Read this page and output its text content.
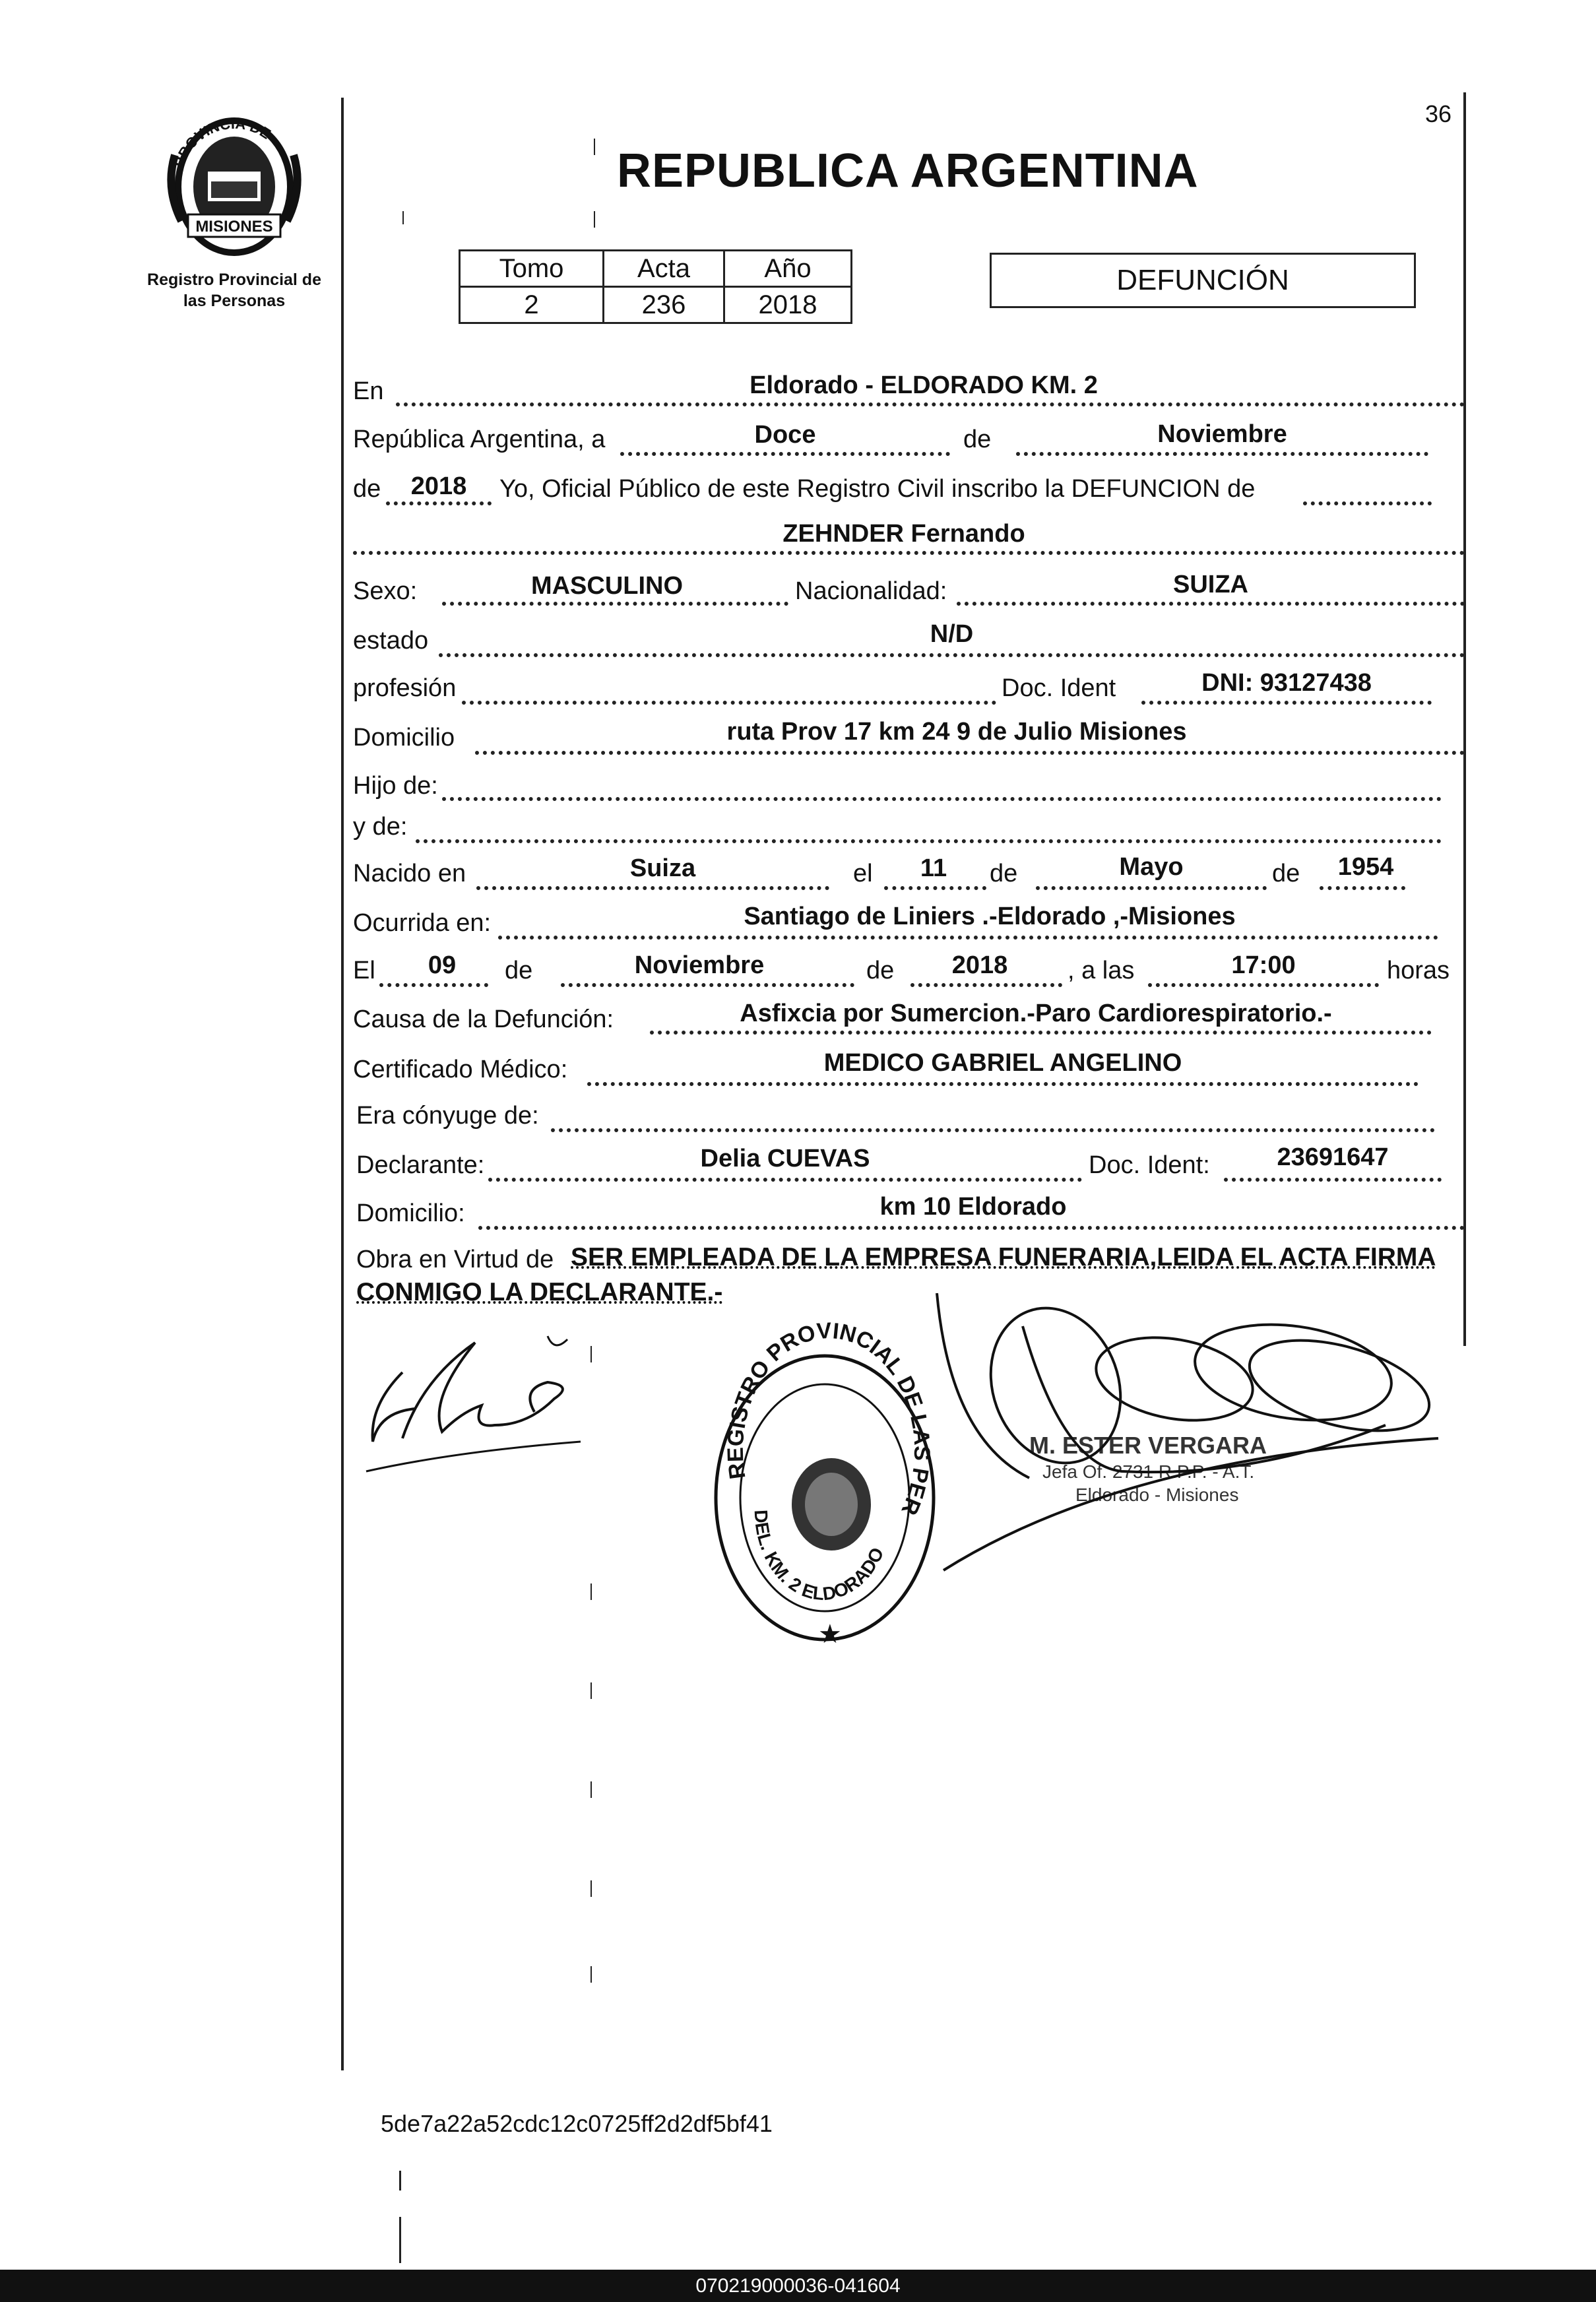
PROVINCIA DE
MISIONES
Registro Provincial de
las Personas
36
REPUBLICA ARGENTINA
Tomo	Acta	Año
2	236	2018
DEFUNCIÓN
En	Eldorado - ELDORADO KM. 2
República Argentina, a	Doce	de	Noviembre
de	2018	Yo, Oficial Público de este Registro Civil inscribo la DEFUNCION de
ZEHNDER Fernando
Sexo:	MASCULINO	Nacionalidad:	SUIZA
estado	N/D
profesión	Doc. Ident	DNI: 93127438
Domicilio	ruta Prov 17 km 24 9 de Julio Misiones
Hijo de:
y de:
Nacido en	Suiza	el	11	de	Mayo	de	1954
Ocurrida en:	Santiago de Liniers .-Eldorado ,-Misiones
El	09	de	Noviembre	de	2018	, a las	17:00	horas
Causa de la Defunción:	Asfixcia por Sumercion.-Paro Cardiorespiratorio.-
Certificado Médico:	MEDICO GABRIEL ANGELINO
Era cónyuge de:
Declarante:	Delia CUEVAS	Doc. Ident:	23691647
Domicilio:	km 10 Eldorado
Obra en Virtud de SER EMPLEADA DE LA EMPRESA FUNERARIA,LEIDA EL ACTA FIRMA
CONMIGO LA DECLARANTE.-
REGISTRO PROVINCIAL DE LAS PERSONAS
DEL. KM. 2 ELDORADO
★
M. ESTER VERGARA
Jefa Of. 2731 R.P.P. - A.T.
Eldorado - Misiones
5de7a22a52cdc12c0725ff2d2df5bf41
070219000036-041604
